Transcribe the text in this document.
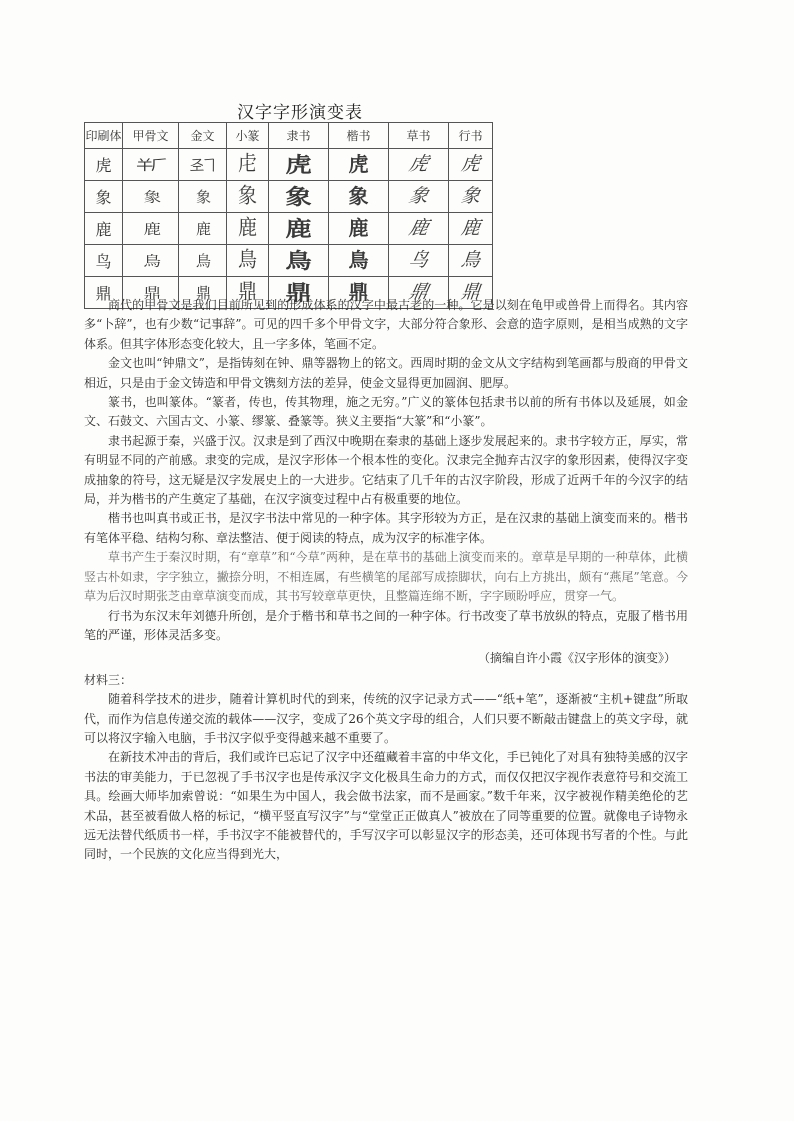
汉字字形演变表
印刷体	甲骨文	金文	小篆	隶书	楷书	草书	行书
虎	𢆉𠂆	𢀖𠃍	虍	虎	虎	虎	虎
象	𧰼	象	象	象	象	象	象
鹿	鹿	鹿	鹿	鹿	鹿	鹿	鹿
鸟	鳥	鳥	鳥	鳥	鳥	鸟	鳥
鼎	鼎	鼎	鼎	鼎	鼎	鼎	鼎

商代的甲骨文是我们目前所见到的形成体系的汉字中最古老的一种。它是以刻在龟甲或兽骨上而得名。其内容多“卜辞”，也有少数“记事辞”。可见的四千多个甲骨文字，大部分符合象形、会意的造字原则，是相当成熟的文字体系。但其字体形态变化较大，且一字多体，笔画不定。

金文也叫“钟鼎文”，是指铸刻在钟、鼎等器物上的铭文。西周时期的金文从文字结构到笔画都与殷商的甲骨文相近，只是由于金文铸造和甲骨文镌刻方法的差异，使金文显得更加圆润、肥厚。

篆书，也叫篆体。“篆者，传也，传其物理，施之无穷。”广义的篆体包括隶书以前的所有书体以及延展，如金文、石鼓文、六国古文、小篆、缪篆、叠篆等。狭义主要指“大篆”和“小篆”。

隶书起源于秦，兴盛于汉。汉隶是到了西汉中晚期在秦隶的基础上逐步发展起来的。隶书字较方正，厚实，常有明显不同的产前感。隶变的完成，是汉字形体一个根本性的变化。汉隶完全抛弃古汉字的象形因素，使得汉字变成抽象的符号，这无疑是汉字发展史上的一大进步。它结束了几千年的古汉字阶段，形成了近两千年的今汉字的结局，并为楷书的产生奠定了基础，在汉字演变过程中占有极重要的地位。

楷书也叫真书或正书，是汉字书法中常见的一种字体。其字形较为方正，是在汉隶的基础上演变而来的。楷书有笔体平稳、结构匀称、章法整洁、便于阅读的特点，成为汉字的标准字体。

草书产生于秦汉时期，有“章草”和“今草”两种，是在草书的基础上演变而来的。章草是早期的一种草体，此横竖古朴如隶，字字独立，撇捺分明，不相连属，有些横笔的尾部写成捺脚状，向右上方挑出，颇有“燕尾”笔意。今草为后汉时期张芝由章草演变而成，其书写较章草更快，且整篇连绵不断，字字顾盼呼应，贯穿一气。

行书为东汉末年刘德升所创，是介于楷书和草书之间的一种字体。行书改变了草书放纵的特点，克服了楷书用笔的严谨，形体灵活多变。

（摘编自许小霞《汉字形体的演变》）

材料三：

随着科学技术的进步，随着计算机时代的到来，传统的汉字记录方式——“纸+笔”，逐渐被“主机+键盘”所取代，而作为信息传递交流的载体——汉字，变成了26个英文字母的组合，人们只要不断敲击键盘上的英文字母，就可以将汉字输入电脑，手书汉字似乎变得越来越不重要了。

在新技术冲击的背后，我们或许已忘记了汉字中还蕴藏着丰富的中华文化，手已钝化了对具有独特美感的汉字书法的审美能力，于已忽视了手书汉字也是传承汉字文化极具生命力的方式，而仅仅把汉字视作表意符号和交流工具。绘画大师毕加索曾说：“如果生为中国人，我会做书法家，而不是画家。”数千年来，汉字被视作精美绝伦的艺术品，甚至被看做人格的标记，“横平竖直写汉字”与“堂堂正正做真人”被放在了同等重要的位置。就像电子诗物永远无法替代纸质书一样，手书汉字不能被替代的，手写汉字可以彰显汉字的形态美，还可体现书写者的个性。与此同时，一个民族的文化应当得到光大，
